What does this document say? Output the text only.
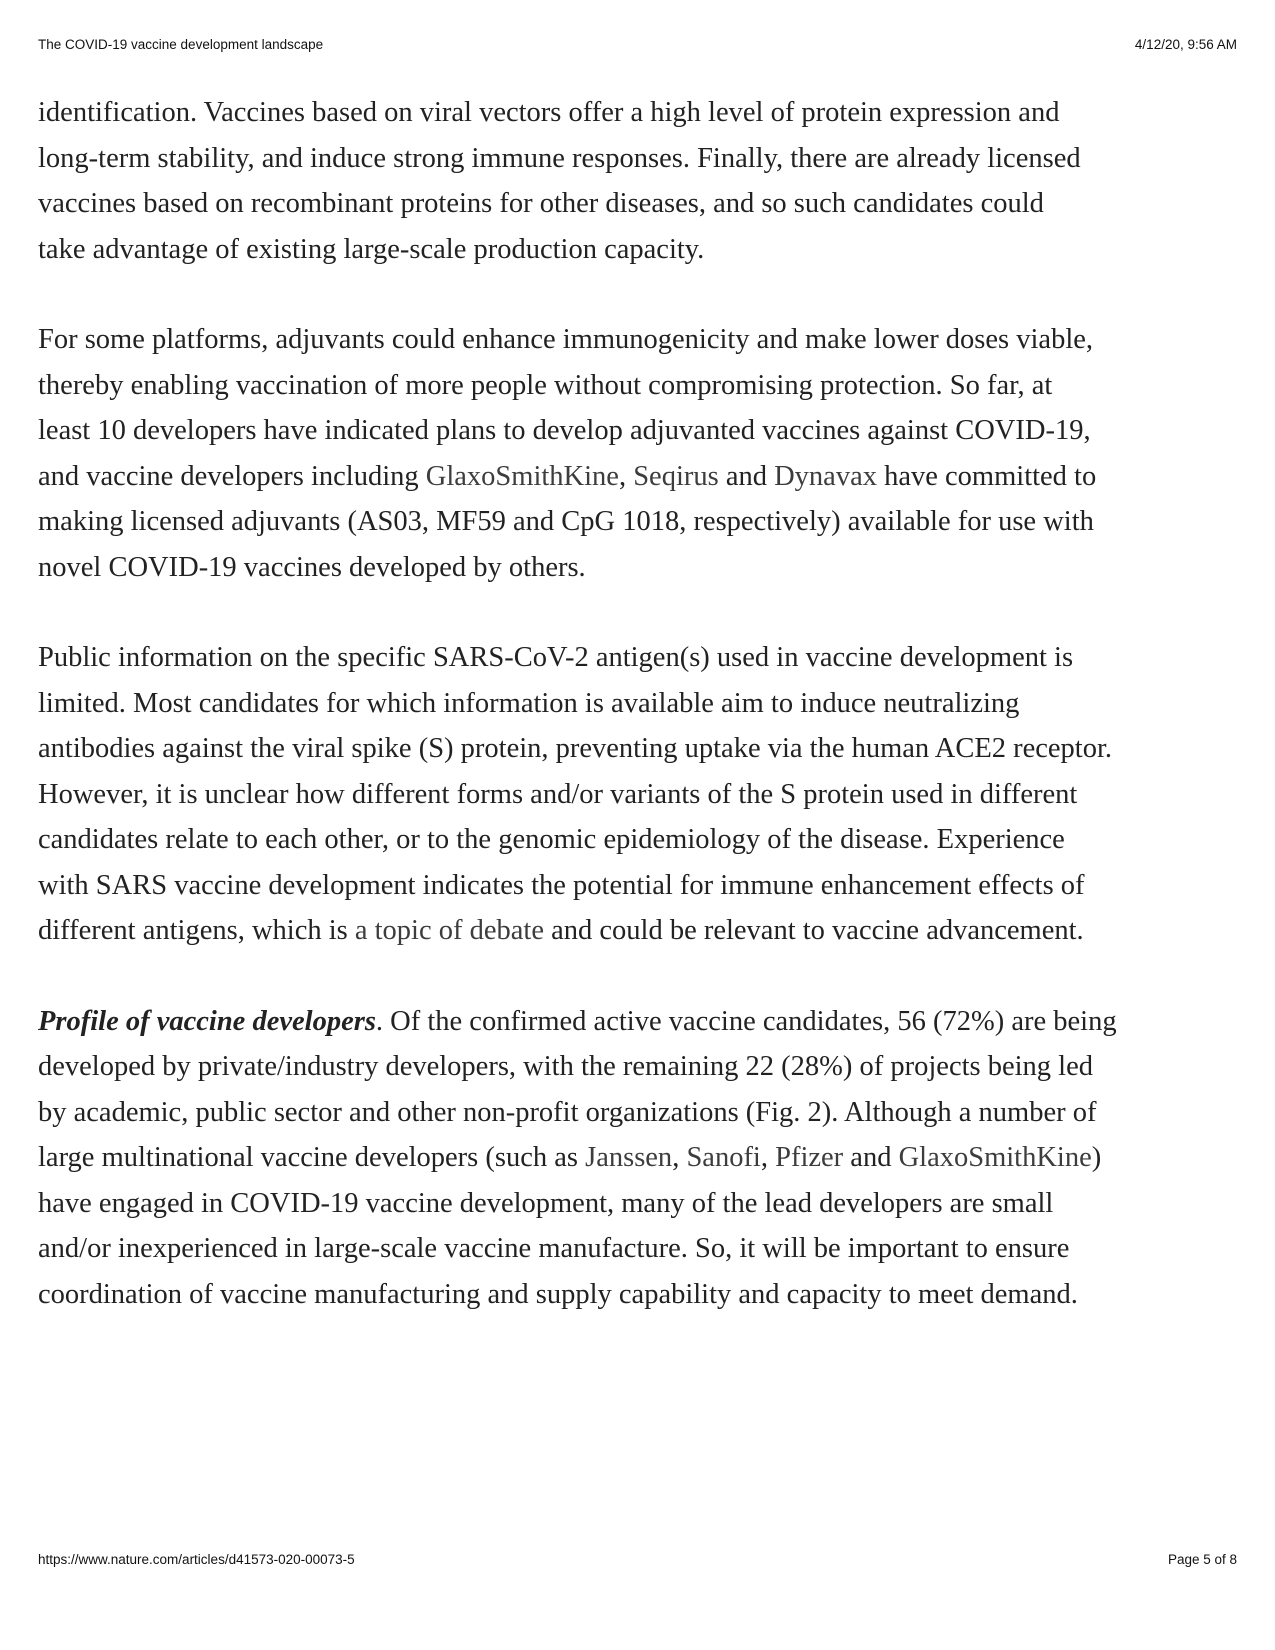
The COVID-19 vaccine development landscape	4/12/20, 9:56 AM

identification. Vaccines based on viral vectors offer a high level of protein expression and
long-term stability, and induce strong immune responses. Finally, there are already licensed
vaccines based on recombinant proteins for other diseases, and so such candidates could
take advantage of existing large-scale production capacity.

For some platforms, adjuvants could enhance immunogenicity and make lower doses viable,
thereby enabling vaccination of more people without compromising protection. So far, at
least 10 developers have indicated plans to develop adjuvanted vaccines against COVID-19,
and vaccine developers including GlaxoSmithKine, Seqirus and Dynavax have committed to
making licensed adjuvants (AS03, MF59 and CpG 1018, respectively) available for use with
novel COVID-19 vaccines developed by others.

Public information on the specific SARS-CoV-2 antigen(s) used in vaccine development is
limited. Most candidates for which information is available aim to induce neutralizing
antibodies against the viral spike (S) protein, preventing uptake via the human ACE2 receptor.
However, it is unclear how different forms and/or variants of the S protein used in different
candidates relate to each other, or to the genomic epidemiology of the disease. Experience
with SARS vaccine development indicates the potential for immune enhancement effects of
different antigens, which is a topic of debate and could be relevant to vaccine advancement.

Profile of vaccine developers. Of the confirmed active vaccine candidates, 56 (72%) are being
developed by private/industry developers, with the remaining 22 (28%) of projects being led
by academic, public sector and other non-profit organizations (Fig. 2). Although a number of
large multinational vaccine developers (such as Janssen, Sanofi, Pfizer and GlaxoSmithKine)
have engaged in COVID-19 vaccine development, many of the lead developers are small
and/or inexperienced in large-scale vaccine manufacture. So, it will be important to ensure
coordination of vaccine manufacturing and supply capability and capacity to meet demand.

https://www.nature.com/articles/d41573-020-00073-5	Page 5 of 8
